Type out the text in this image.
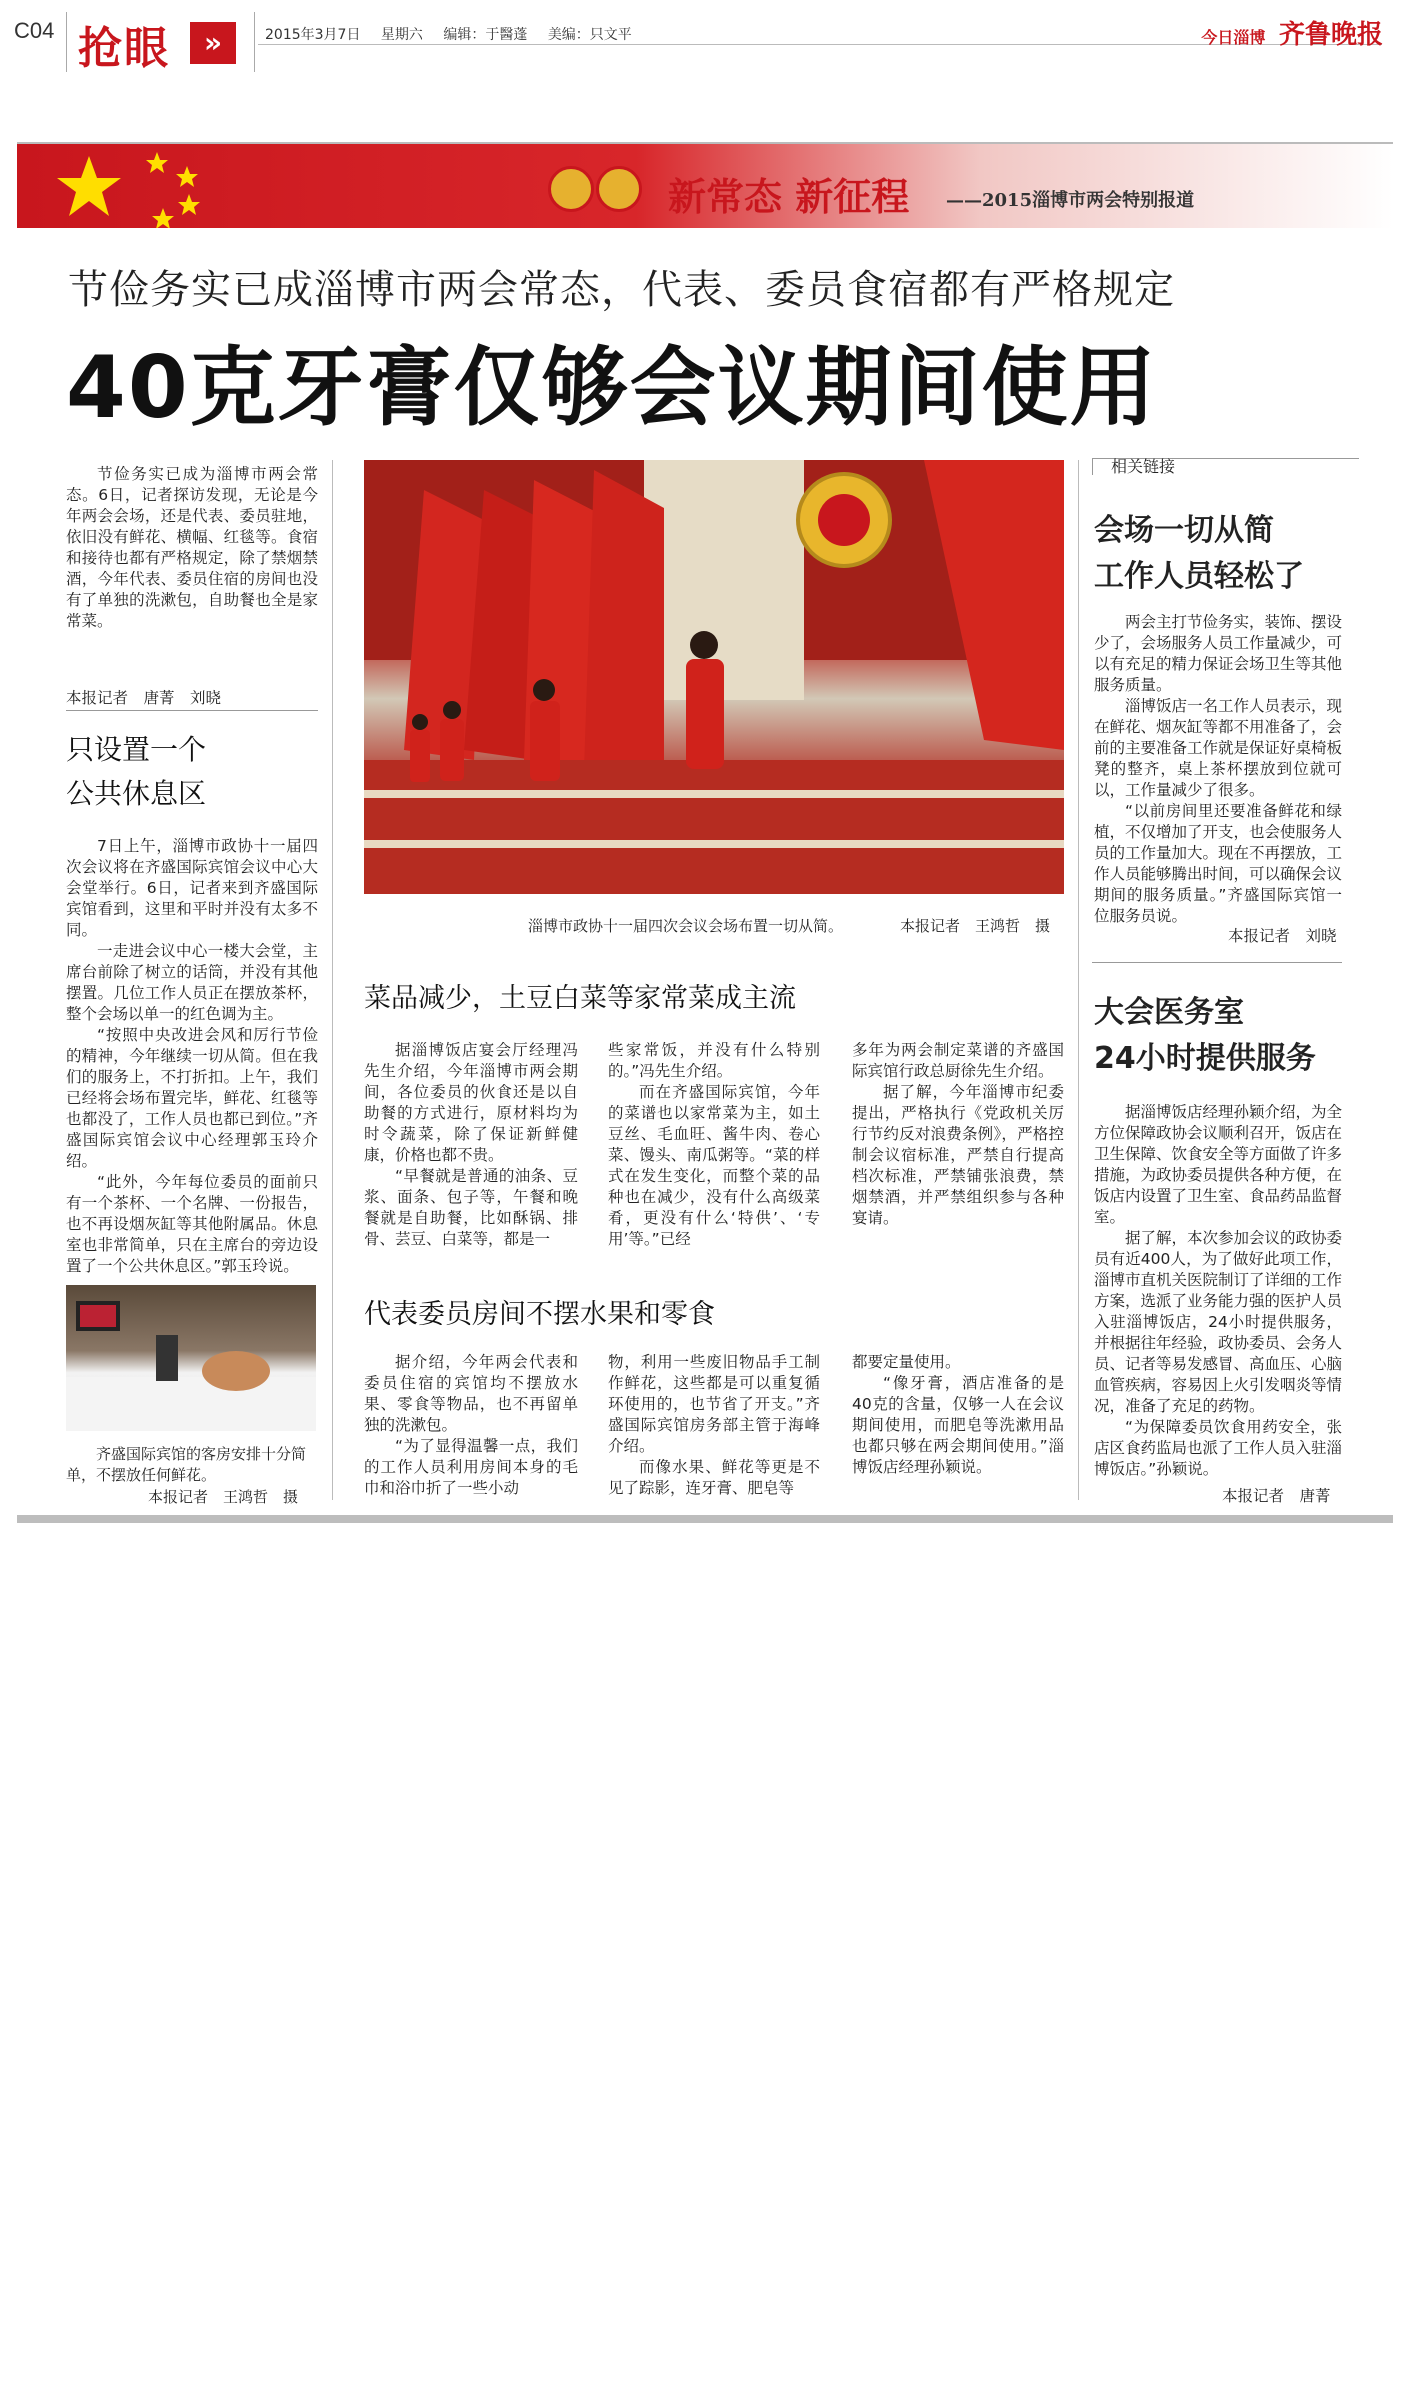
C04 抢眼	»	2015年3月7日 星期六 编辑：于醫蓬 美编：只文平	今日淄博 齐鲁晚报
新常态 新征程 ——2015淄博市两会特别报道
节俭务实已成淄博市两会常态，代表、委员食宿都有严格规定
40克牙膏仅够会议期间使用

节俭务实已成为淄博市两会常态。6日，记者探访发现，无论是今年两会会场，还是代表、委员驻地，依旧没有鲜花、横幅、红毯等。食宿和接待也都有严格规定，除了禁烟禁酒，今年代表、委员住宿的房间也没有了单独的洗漱包，自助餐也全是家常菜。

本报记者　唐菁　刘晓
只设置一个
公共休息区

7日上午，淄博市政协十一届四次会议将在齐盛国际宾馆会议中心大会堂举行。6日，记者来到齐盛国际宾馆看到，这里和平时并没有太多不同。

一走进会议中心一楼大会堂，主席台前除了树立的话筒，并没有其他摆置。几位工作人员正在摆放茶杯，整个会场以单一的红色调为主。

“按照中央改进会风和厉行节俭的精神，今年继续一切从简。但在我们的服务上，不打折扣。上午，我们已经将会场布置完毕，鲜花、红毯等也都没了，工作人员也都已到位。”齐盛国际宾馆会议中心经理郭玉玲介绍。

“此外，今年每位委员的面前只有一个茶杯、一个名牌、一份报告，也不再设烟灰缸等其他附属品。休息室也非常简单，只在主席台的旁边设置了一个公共休息区。”郭玉玲说。

齐盛国际宾馆的客房安排十分简单，不摆放任何鲜花。
本报记者　王鸿哲　摄
淄博市政协十一届四次会议会场布置一切从简。	本报记者　王鸿哲　摄
菜品减少，土豆白菜等家常菜成主流

据淄博饭店宴会厅经理冯先生介绍，今年淄博市两会期间，各位委员的伙食还是以自助餐的方式进行，原材料均为时令蔬菜，除了保证新鲜健康，价格也都不贵。

“早餐就是普通的油条、豆浆、面条、包子等，午餐和晚餐就是自助餐，比如酥锅、排骨、芸豆、白菜等，都是一

些家常饭，并没有什么特别的。”冯先生介绍。

而在齐盛国际宾馆，今年的菜谱也以家常菜为主，如土豆丝、毛血旺、酱牛肉、卷心菜、馒头、南瓜粥等。“菜的样式在发生变化，而整个菜的品种也在减少，没有什么高级菜肴，更没有什么‘特供’、‘专用’等。”已经

多年为两会制定菜谱的齐盛国际宾馆行政总厨徐先生介绍。

据了解，今年淄博市纪委提出，严格执行《党政机关厉行节约反对浪费条例》，严格控制会议宿标准，严禁自行提高档次标准，严禁铺张浪费，禁烟禁酒，并严禁组织参与各种宴请。

代表委员房间不摆水果和零食

据介绍，今年两会代表和委员住宿的宾馆均不摆放水果、零食等物品，也不再留单独的洗漱包。

“为了显得温馨一点，我们的工作人员利用房间本身的毛巾和浴巾折了一些小动

物，利用一些废旧物品手工制作鲜花，这些都是可以重复循环使用的，也节省了开支。”齐盛国际宾馆房务部主管于海峰介绍。

而像水果、鲜花等更是不见了踪影，连牙膏、肥皂等

都要定量使用。

“像牙膏，酒店准备的是40克的含量，仅够一人在会议期间使用，而肥皂等洗漱用品也都只够在两会期间使用。”淄博饭店经理孙颖说。

相关链接
会场一切从简
工作人员轻松了

两会主打节俭务实，装饰、摆设少了，会场服务人员工作量减少，可以有充足的精力保证会场卫生等其他服务质量。

淄博饭店一名工作人员表示，现在鲜花、烟灰缸等都不用准备了，会前的主要准备工作就是保证好桌椅板凳的整齐，桌上茶杯摆放到位就可以，工作量减少了很多。

“以前房间里还要准备鲜花和绿植，不仅增加了开支，也会使服务人员的工作量加大。现在不再摆放，工作人员能够腾出时间，可以确保会议期间的服务质量。”齐盛国际宾馆一位服务员说。

本报记者　刘晓
大会医务室
24小时提供服务

据淄博饭店经理孙颖介绍，为全方位保障政协会议顺利召开，饭店在卫生保障、饮食安全等方面做了许多措施，为政协委员提供各种方便，在饭店内设置了卫生室、食品药品监督室。

据了解，本次参加会议的政协委员有近400人，为了做好此项工作，淄博市直机关医院制订了详细的工作方案，选派了业务能力强的医护人员入驻淄博饭店，24小时提供服务，并根据往年经验，政协委员、会务人员、记者等易发感冒、高血压、心脑血管疾病，容易因上火引发咽炎等情况，准备了充足的药物。

“为保障委员饮食用药安全，张店区食药监局也派了工作人员入驻淄博饭店。”孙颖说。

本报记者　唐菁
